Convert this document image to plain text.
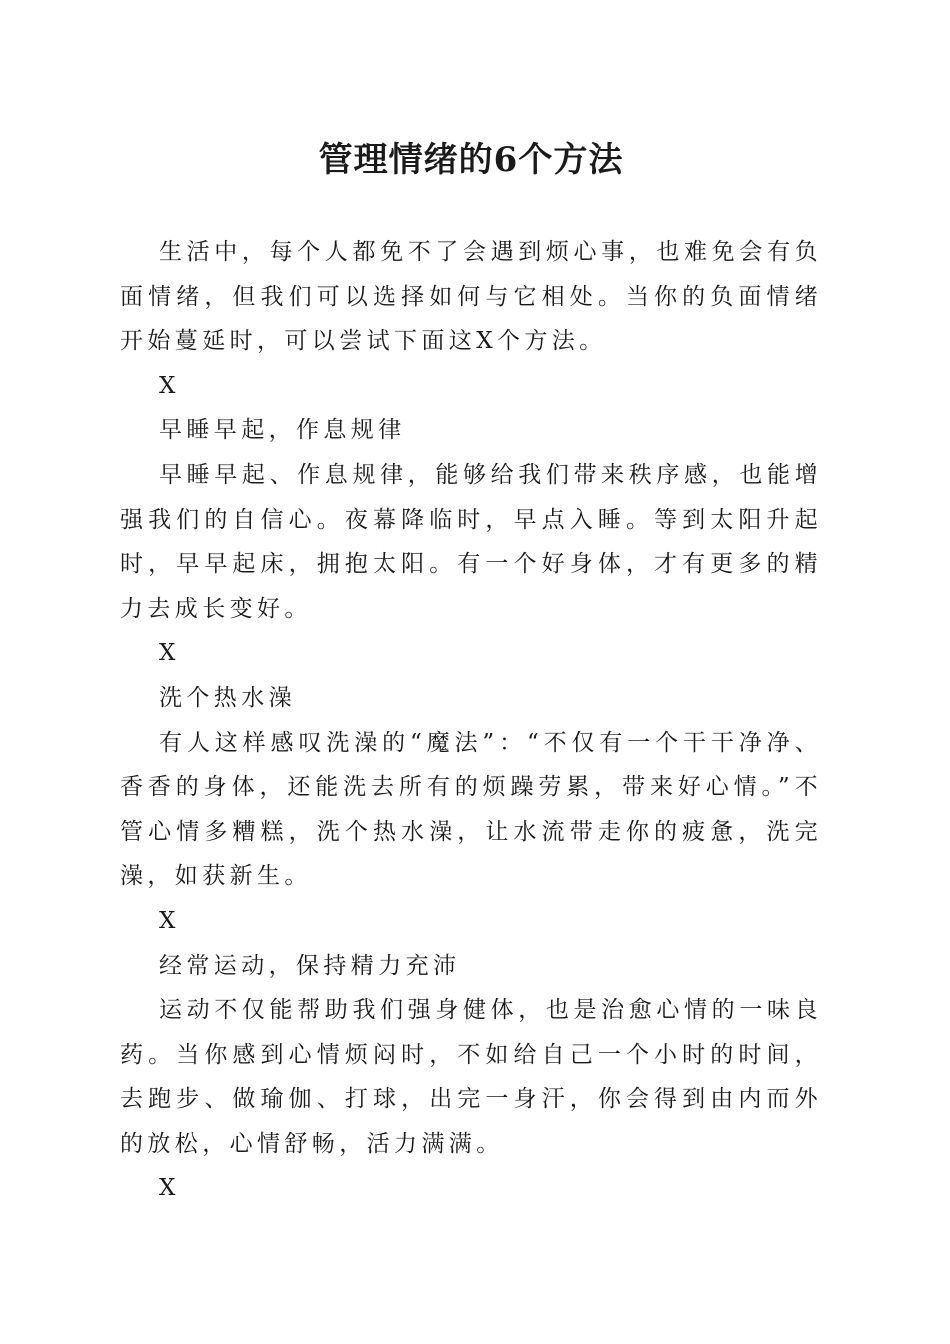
管理情绪的6个方法

生活中，每个人都免不了会遇到烦心事，也难免会有负面情绪，但我们可以选择如何与它相处。当你的负面情绪开始蔓延时，可以尝试下面这X个方法。

X

早睡早起，作息规律

早睡早起、作息规律，能够给我们带来秩序感，也能增强我们的自信心。夜幕降临时，早点入睡。等到太阳升起时，早早起床，拥抱太阳。有一个好身体，才有更多的精力去成长变好。

X

洗个热水澡

有人这样感叹洗澡的“魔法”：“不仅有一个干干净净、香香的身体，还能洗去所有的烦躁劳累，带来好心情。”不管心情多糟糕，洗个热水澡，让水流带走你的疲惫，洗完澡，如获新生。

X

经常运动，保持精力充沛

运动不仅能帮助我们强身健体，也是治愈心情的一味良药。当你感到心情烦闷时，不如给自己一个小时的时间，去跑步、做瑜伽、打球，出完一身汗，你会得到由内而外的放松，心情舒畅，活力满满。

X
